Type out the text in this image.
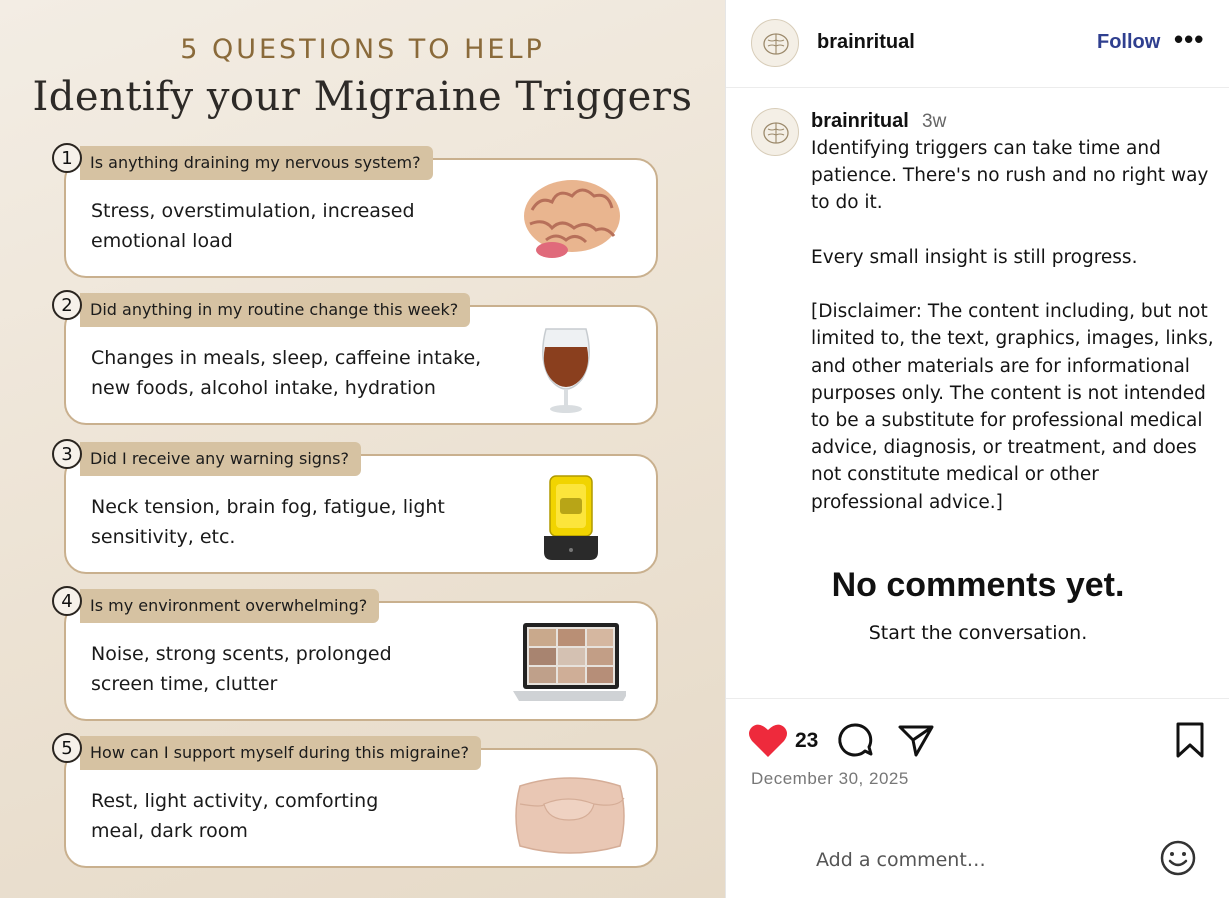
5 QUESTIONS TO HELP
Identify your Migraine Triggers
1	Is anything draining my nervous system?
Stress, overstimulation, increased
emotional load
2	Did anything in my routine change this week?
Changes in meals, sleep, caffeine intake,
new foods, alcohol intake, hydration
3	Did I receive any warning signs?
Neck tension, brain fog, fatigue, light
sensitivity, etc.
4	Is my environment overwhelming?
Noise, strong scents, prolonged
screen time, clutter
5	How can I support myself during this migraine?
Rest, light activity, comforting
meal, dark room
brainritual	Follow •••
brainritual 3w

Identifying triggers can take time and patience. There's no rush and no right way to do it.

Every small insight is still progress.

[Disclaimer: The content including, but not limited to, the text, graphics, images, links, and other materials are for informational purposes only. The content is not intended to be a substitute for professional medical advice, diagnosis, or treatment, and does not constitute medical or other professional advice.]

No comments yet.
Start the conversation.
23
December 30, 2025
Add a comment…
